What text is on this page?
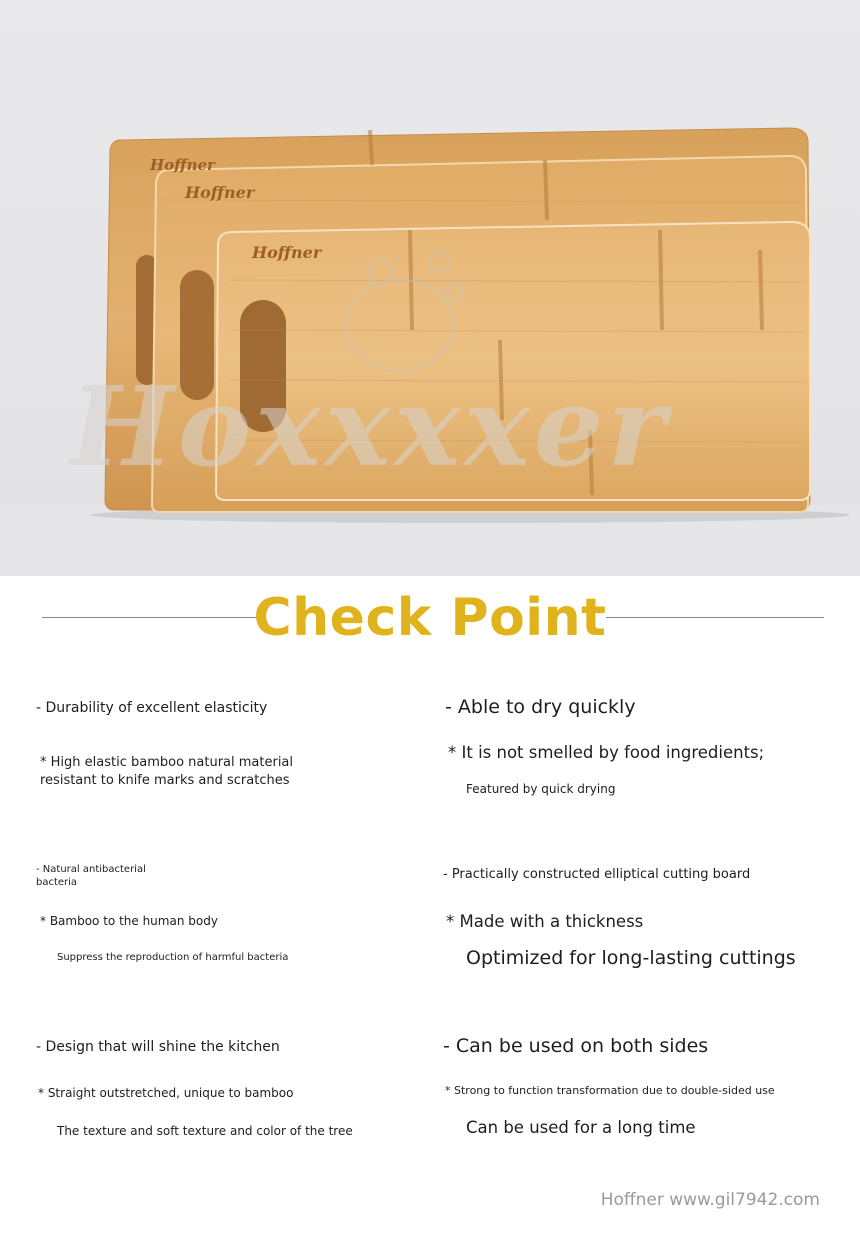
Hoffner
Hoffner
Hoffner
Hoxxxxer
Check Point
- Durability of excellent elasticity
* High elastic bamboo natural material
resistant to knife marks and scratches
- Able to dry quickly
* It is not smelled by food ingredients;
Featured by quick drying
- Natural antibacterial
bacteria
* Bamboo to the human body
Suppress the reproduction of harmful bacteria
- Practically constructed elliptical cutting board
* Made with a thickness
Optimized for long-lasting cuttings
- Design that will shine the kitchen
* Straight outstretched, unique to bamboo
The texture and soft texture and color of the tree
- Can be used on both sides
* Strong to function transformation due to double-sided use
Can be used for a long time
Hoffner www.gil7942.com
